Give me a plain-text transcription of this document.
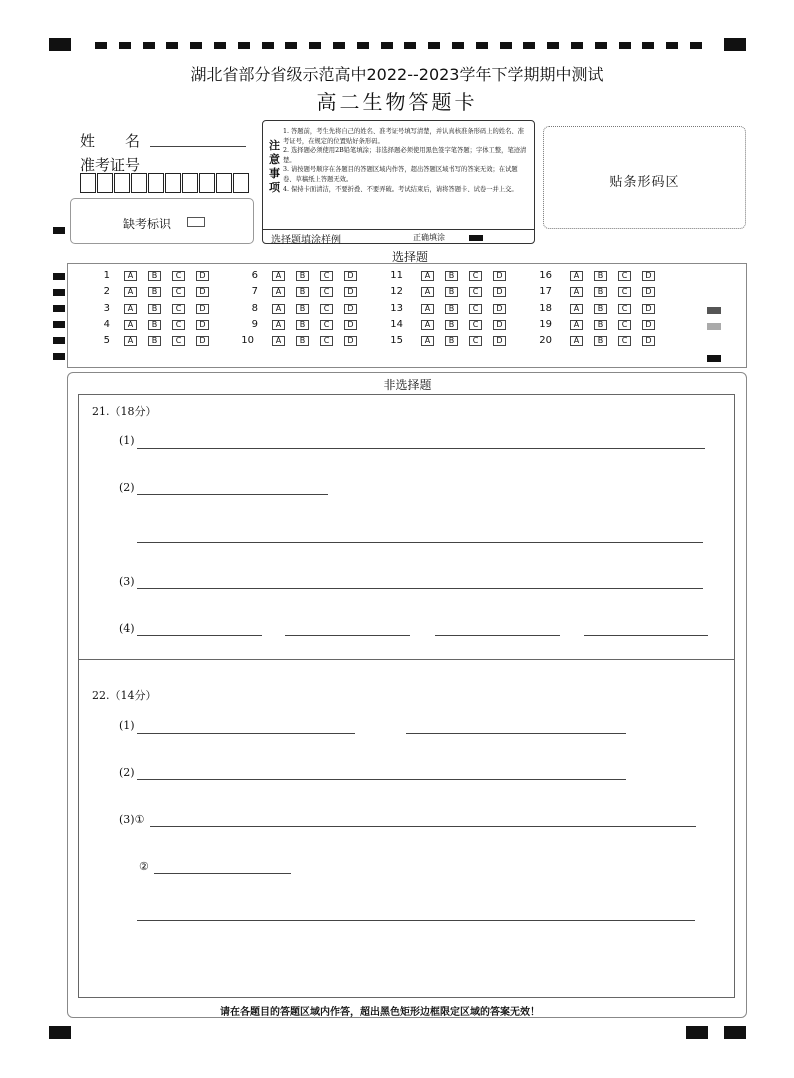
湖北省部分省级示范高中2022--2023学年下学期期中测试
高二生物答题卡
姓　　名
准考证号
缺考标识
注意事项
1. 答题前，考生先将自己的姓名、准考证号填写清楚，并认真核准条形码上的姓名、准考证号，在规定的位置贴好条形码。
2. 选择题必须使用2B铅笔填涂；非选择题必须使用黑色签字笔答题；字体工整，笔迹清楚。
3. 请按题号顺序在各题目的答题区域内作答，超出答题区域书写的答案无效；在试题卷、草稿纸上答题无效。
4. 保持卡面清洁，不要折叠、不要弄破。考试结束后，请将答题卡、试卷一并上交。
选择题填涂样例	正确填涂
贴条形码区
选择题
1	A	B	C	D
2	A	B	C	D
3	A	B	C	D
4	A	B	C	D
5	A	B	C	D
6	A	B	C	D
7	A	B	C	D
8	A	B	C	D
9	A	B	C	D
10	A	B	C	D
11	A	B	C	D
12	A	B	C	D
13	A	B	C	D
14	A	B	C	D
15	A	B	C	D
16	A	B	C	D
17	A	B	C	D
18	A	B	C	D
19	A	B	C	D
20	A	B	C	D
非选择题
21.（18分）
(1)
(2)
(3)
(4)
22.（14分）
(1)
(2)
(3)①
②
请在各题目的答题区域内作答，超出黑色矩形边框限定区域的答案无效！
